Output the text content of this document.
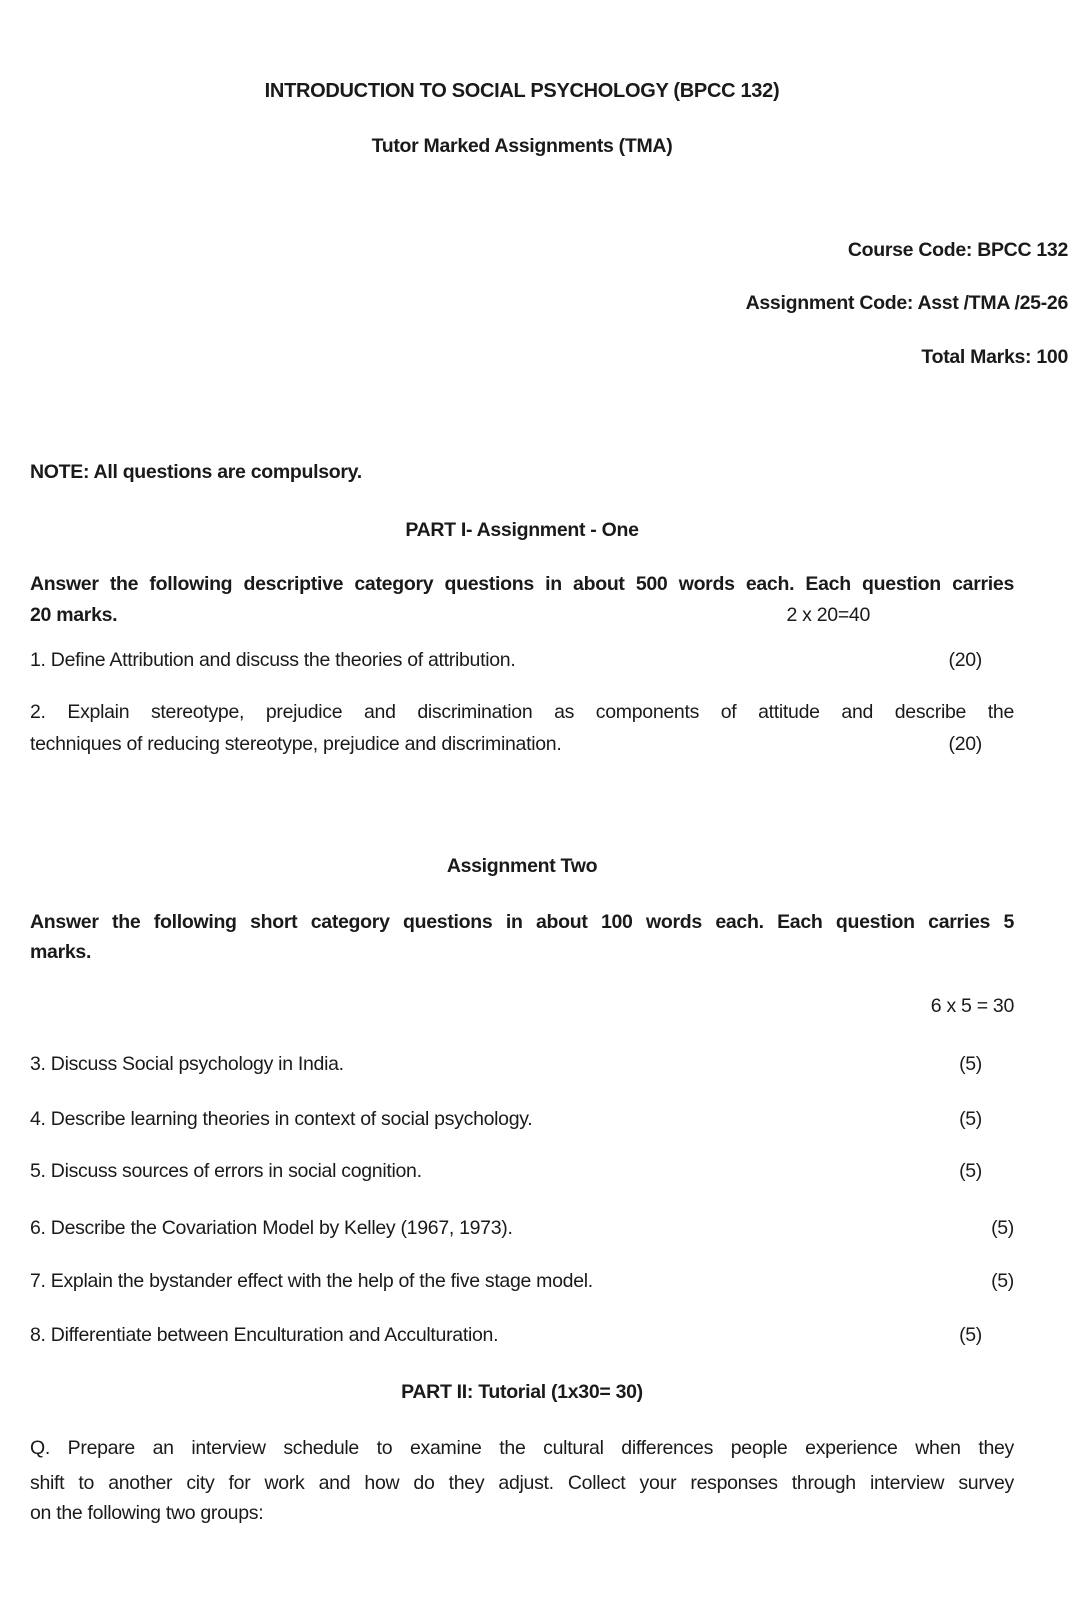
INTRODUCTION TO SOCIAL PSYCHOLOGY (BPCC 132)
Tutor Marked Assignments (TMA)
Course Code: BPCC 132
Assignment Code: Asst /TMA /25-26
Total Marks: 100
NOTE: All questions are compulsory.
PART I- Assignment - One
Answer the following descriptive category questions in about 500 words each. Each question carries
20 marks.	2 x 20=40
1. Define Attribution and discuss the theories of attribution.	(20)
2. Explain stereotype, prejudice and discrimination as components of attitude and describe the
techniques of reducing stereotype, prejudice and discrimination.	(20)
Assignment Two
Answer the following short category questions in about 100 words each. Each question carries 5
marks.
6 x 5 = 30
3. Discuss Social psychology in India.	(5)
4. Describe learning theories in context of social psychology.	(5)
5. Discuss sources of errors in social cognition.	(5)
6. Describe the Covariation Model by Kelley (1967, 1973).	(5)
7. Explain the bystander effect with the help of the five stage model.	(5)
8. Differentiate between Enculturation and Acculturation.	(5)
PART II: Tutorial (1x30= 30)
Q. Prepare an interview schedule to examine the cultural differences people experience when they
shift to another city for work and how do they adjust. Collect your responses through interview survey
on the following two groups:
